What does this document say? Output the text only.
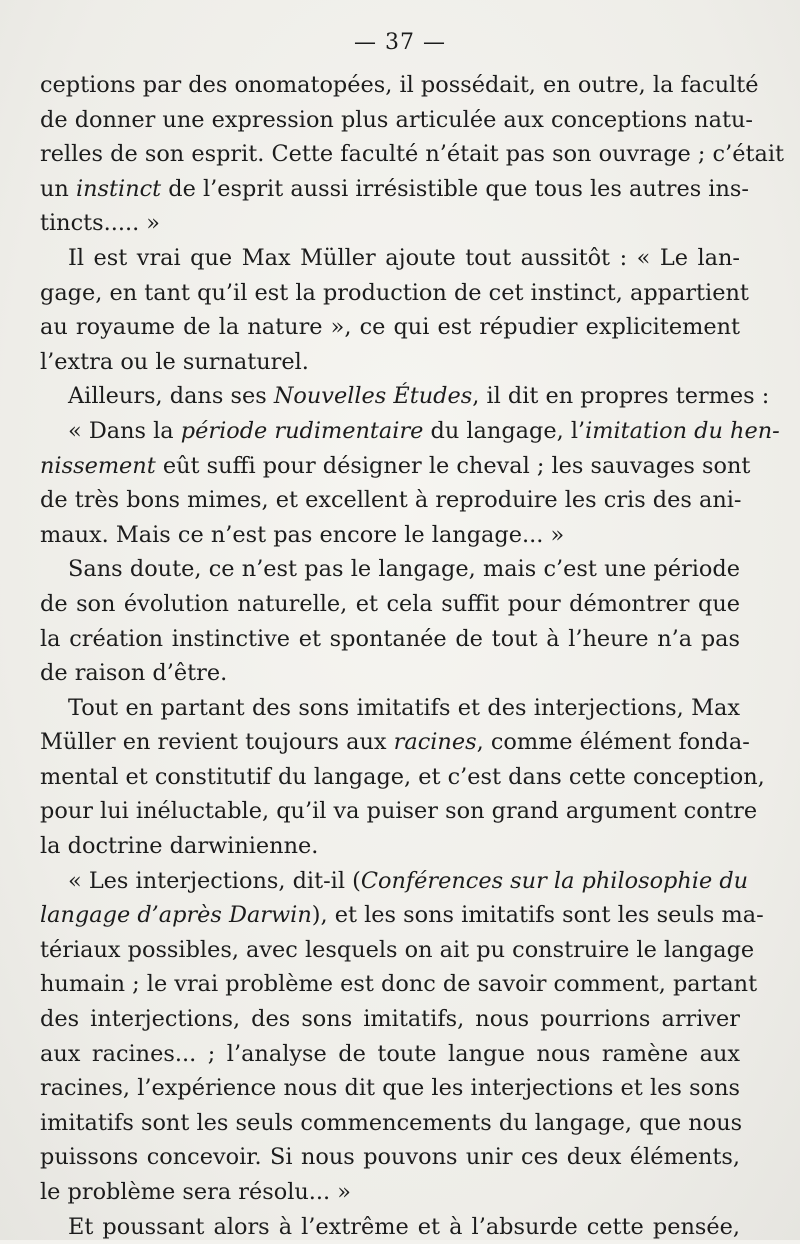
— 37 —
ceptions par des onomatopées, il possédait, en outre, la faculté
de donner une expression plus articulée aux conceptions natu-
relles de son esprit. Cette faculté n’était pas son ouvrage ; c’était
un instinct de l’esprit aussi irrésistible que tous les autres ins-
tincts..... »
Il est vrai que Max Müller ajoute tout aussitôt : « Le lan-
gage, en tant qu’il est la production de cet instinct, appartient
au royaume de la nature », ce qui est répudier explicitement
l’extra ou le surnaturel.
Ailleurs, dans ses Nouvelles Études, il dit en propres termes :
« Dans la période rudimentaire du langage, l’imitation du hen-
nissement eût suffi pour désigner le cheval ; les sauvages sont
de très bons mimes, et excellent à reproduire les cris des ani-
maux. Mais ce n’est pas encore le langage... »
Sans doute, ce n’est pas le langage, mais c’est une période
de son évolution naturelle, et cela suffit pour démontrer que
la création instinctive et spontanée de tout à l’heure n’a pas
de raison d’être.
Tout en partant des sons imitatifs et des interjections, Max
Müller en revient toujours aux racines, comme élément fonda-
mental et constitutif du langage, et c’est dans cette conception,
pour lui inéluctable, qu’il va puiser son grand argument contre
la doctrine darwinienne.
« Les interjections, dit-il (Conférences sur la philosophie du
langage d’après Darwin), et les sons imitatifs sont les seuls ma-
tériaux possibles, avec lesquels on ait pu construire le langage
humain ; le vrai problème est donc de savoir comment, partant
des interjections, des sons imitatifs, nous pourrions arriver
aux racines... ; l’analyse de toute langue nous ramène aux
racines, l’expérience nous dit que les interjections et les sons
imitatifs sont les seuls commencements du langage, que nous
puissons concevoir. Si nous pouvons unir ces deux éléments,
le problème sera résolu... »
Et poussant alors à l’extrême et à l’absurde cette pensée,
